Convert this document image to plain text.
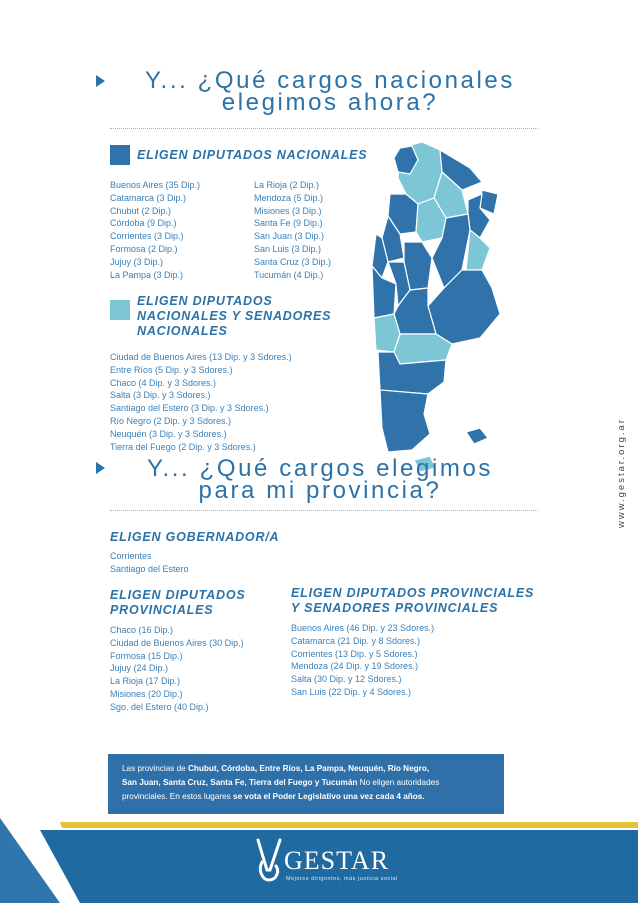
Y... ¿Qué cargos nacionales
elegimos ahora?
ELIGEN DIPUTADOS NACIONALES
Buenos Aires (35 Dip.)
Catamarca (3 Dip.)
Chubut (2 Dip.)
Córdoba (9 Dip.)
Corrientes (3 Dip.)
Formosa (2 Dip.)
Jujuy (3 Dip.)
La Pampa (3 Dip.)
La Rioja (2 Dip.)
Mendoza (5 Dip.)
Misiones (3 Dip.)
Santa Fe (9 Dip.)
San Juan (3 Dip.)
San Luis (3 Dip.)
Santa Cruz (3 Dip.)
Tucumán (4 Dip.)
ELIGEN DIPUTADOS
NACIONALES Y SENADORES
NACIONALES
Ciudad de Buenos Aires (13 Dip. y 3 Sdores.)
Entre Ríos (5 Dip. y 3 Sdores.)
Chaco (4 Dip. y 3 Sdores.)
Salta (3 Dip. y 3 Sdores.)
Santiago del Estero (3 Dip. y 3 Sdores.)
Río Negro (2 Dip. y 3 Sdores.)
Neuquén (3 Dip. y 3 Sdores.)
Tierra del Fuego (2 Dip. y 3 Sdores.)
Y... ¿Qué cargos elegimos
para mi provincia?
ELIGEN GOBERNADOR/A
Corrientes
Santiago del Estero
ELIGEN DIPUTADOS
PROVINCIALES
Chaco (16 Dip.)
Ciudad de Buenos Aires (30 Dip.)
Formosa (15 Dip.)
Jujuy (24 Dip.)
La Rioja (17 Dip.)
Misiones (20 Dip.)
Sgo. del Estero (40 Dip.)
ELIGEN DIPUTADOS PROVINCIALES
Y SENADORES PROVINCIALES
Buenos Aires (46 Dip. y 23 Sdores.)
Catamarca (21 Dip. y 8 Sdores.)
Corrientes (13 Dip. y 5 Sdores.)
Mendoza (24 Dip. y 19 Sdores.)
Salta (30 Dip. y 12 Sdores.)
San Luis (22 Dip. y 4 Sdores.)
Las provincias de Chubut, Córdoba, Entre Ríos, La Pampa, Neuquén, Río Negro,
San Juan, Santa Cruz, Santa Fe, Tierra del Fuego y Tucumán No eligen autoridades
provinciales. En estos lugares se vota el Poder Legislativo una vez cada 4 años.
www.gestar.org.ar
03
GESTAR
Mejores dirigentes, más justicia social
